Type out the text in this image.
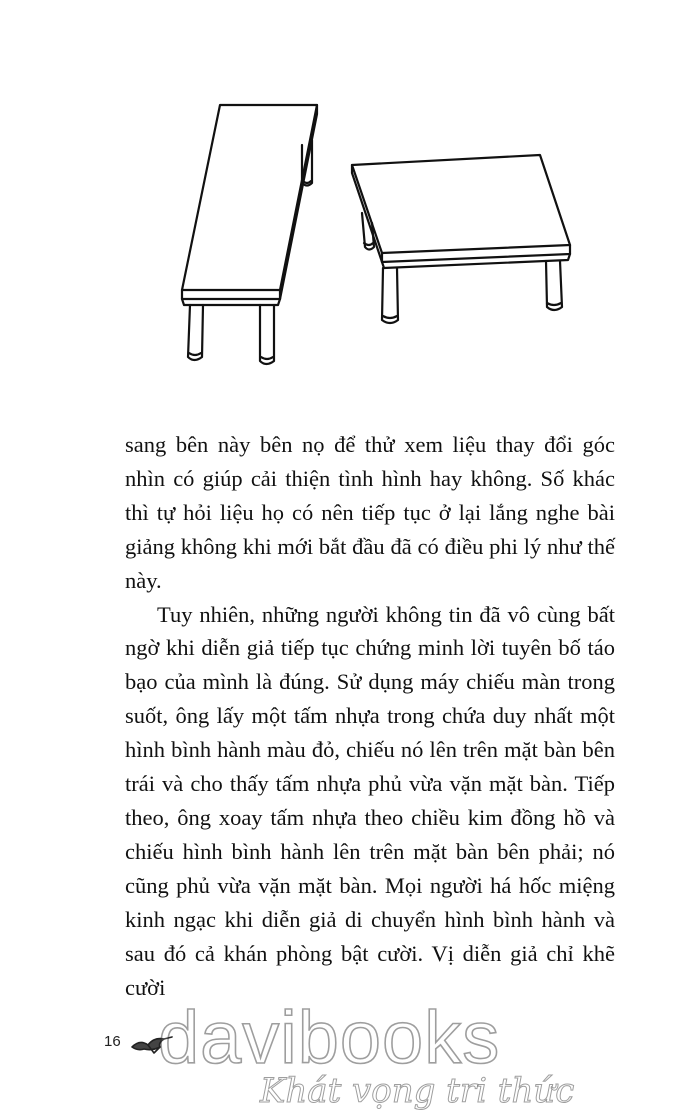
sang bên này bên nọ để thử xem liệu thay đổi góc nhìn có giúp cải thiện tình hình hay không. Số khác thì tự hỏi liệu họ có nên tiếp tục ở lại lắng nghe bài giảng không khi mới bắt đầu đã có điều phi lý như thế này.

Tuy nhiên, những người không tin đã vô cùng bất ngờ khi diễn giả tiếp tục chứng minh lời tuyên bố táo bạo của mình là đúng. Sử dụng máy chiếu màn trong suốt, ông lấy một tấm nhựa trong chứa duy nhất một hình bình hành màu đỏ, chiếu nó lên trên mặt bàn bên trái và cho thấy tấm nhựa phủ vừa vặn mặt bàn. Tiếp theo, ông xoay tấm nhựa theo chiều kim đồng hồ và chiếu hình bình hành lên trên mặt bàn bên phải; nó cũng phủ vừa vặn mặt bàn. Mọi người há hốc miệng kinh ngạc khi diễn giả di chuyển hình bình hành và sau đó cả khán phòng bật cười. Vị diễn giả chỉ khẽ cười

16 davibooks
Khát vọng tri thức
